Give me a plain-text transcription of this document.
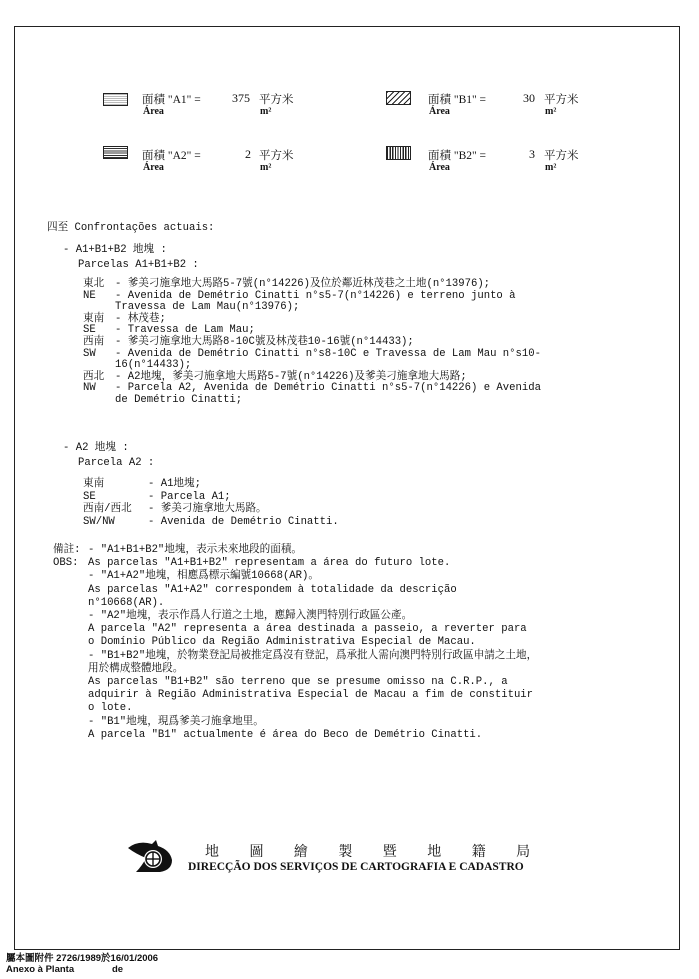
面積 "A1" =
Área
375 平方米
m²
面積 "A2" =
Área
2 平方米
m²
面積 "B1" =
Área
30 平方米
m²
面積 "B2" =
Área
3 平方米
m²
四至 Confrontações actuais:
- A1+B1+B2 地塊 :
Parcelas A1+B1+B2 :
東北 - 爹美刁施拿地大馬路5-7號(n°14226)及位於鄰近林茂巷之土地(n°13976);
NE - Avenida de Demétrio Cinatti n°s5-7(n°14226) e terreno junto à
Travessa de Lam Mau(n°13976);
東南 - 林茂巷;
SE - Travessa de Lam Mau;
西南 - 爹美刁施拿地大馬路8-10C號及林茂巷10-16號(n°14433);
SW - Avenida de Demétrio Cinatti n°s8-10C e Travessa de Lam Mau n°s10-
16(n°14433);
西北 - A2地塊，爹美刁施拿地大馬路5-7號(n°14226)及爹美刁施拿地大馬路;
NW - Parcela A2, Avenida de Demétrio Cinatti n°s5-7(n°14226) e Avenida
de Demétrio Cinatti;
- A2 地塊 :
Parcela A2 :
東南	- A1地塊;
SE	- Parcela A1;
西南/西北 - 爹美刁施拿地大馬路。
SW/NW	- Avenida de Demétrio Cinatti.
備註:
OBS:
- "A1+B1+B2"地塊，表示未來地段的面積。
As parcelas "A1+B1+B2" representam a área do futuro lote.
- "A1+A2"地塊，相應爲標示編號10668(AR)。
As parcelas "A1+A2" correspondem à totalidade da descrição
n°10668(AR).
- "A2"地塊，表示作爲人行道之土地，應歸入澳門特別行政區公產。
A parcela "A2" representa a área destinada a passeio, a reverter para
o Domínio Público da Região Administrativa Especial de Macau.
- "B1+B2"地塊，於物業登記局被推定爲沒有登記，爲承批人需向澳門特別行政區申請之土地，
用於構成整體地段。
As parcelas "B1+B2" são terreno que se presume omisso na C.R.P., a
adquirir à Região Administrativa Especial de Macau a fim de constituir
o lote.
- "B1"地塊，現爲爹美刁施拿地里。
A parcela "B1" actualmente é área do Beco de Demétrio Cinatti.
地 圖 繪 製 暨 地 籍 局
DIRECÇÃO DOS SERVIÇOS DE CARTOGRAFIA E CADASTRO
屬本圖附件 2726/1989於16/01/2006
Anexo à Planta	de
